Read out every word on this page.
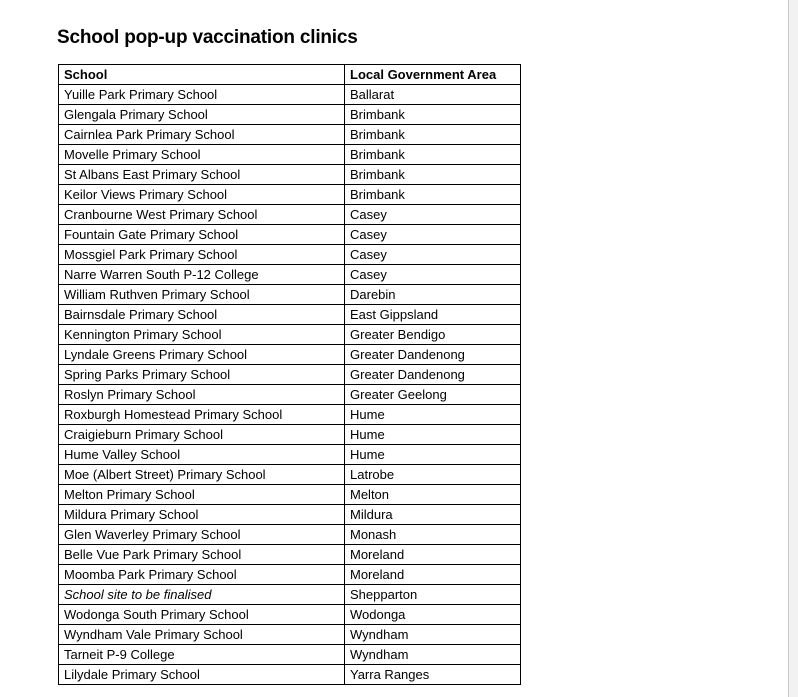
School pop-up vaccination clinics
School	Local Government Area
Yuille Park Primary School	Ballarat
Glengala Primary School	Brimbank
Cairnlea Park Primary School	Brimbank
Movelle Primary School	Brimbank
St Albans East Primary School	Brimbank
Keilor Views Primary School	Brimbank
Cranbourne West Primary School	Casey
Fountain Gate Primary School	Casey
Mossgiel Park Primary School	Casey
Narre Warren South P-12 College	Casey
William Ruthven Primary School	Darebin
Bairnsdale Primary School	East Gippsland
Kennington Primary School	Greater Bendigo
Lyndale Greens Primary School	Greater Dandenong
Spring Parks Primary School	Greater Dandenong
Roslyn Primary School	Greater Geelong
Roxburgh Homestead Primary School	Hume
Craigieburn Primary School	Hume
Hume Valley School	Hume
Moe (Albert Street) Primary School	Latrobe
Melton Primary School	Melton
Mildura Primary School	Mildura
Glen Waverley Primary School	Monash
Belle Vue Park Primary School	Moreland
Moomba Park Primary School	Moreland
School site to be finalised	Shepparton
Wodonga South Primary School	Wodonga
Wyndham Vale Primary School	Wyndham
Tarneit P-9 College	Wyndham
Lilydale Primary School	Yarra Ranges
